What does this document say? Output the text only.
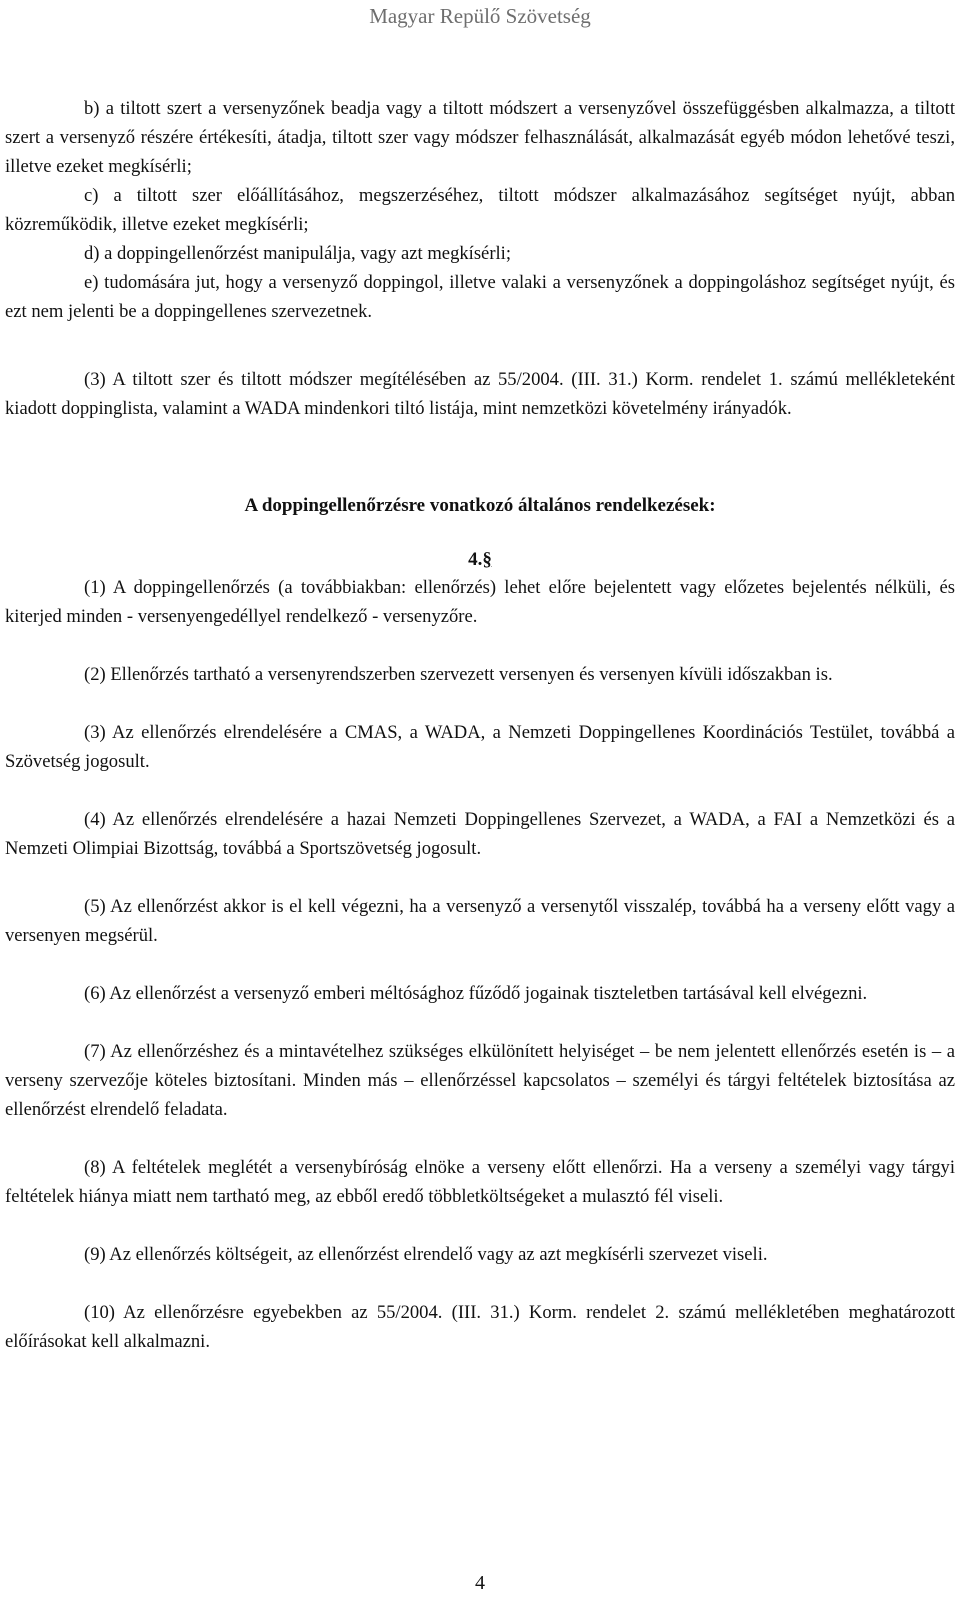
Magyar Repülő Szövetség

b) a tiltott szert a versenyzőnek beadja vagy a tiltott módszert a versenyzővel összefüggésben alkalmazza, a tiltott szert a versenyző részére értékesíti, átadja, tiltott szer vagy módszer felhasználását, alkalmazását egyéb módon lehetővé teszi, illetve ezeket megkísérli;

c) a tiltott szer előállításához, megszerzéséhez, tiltott módszer alkalmazásához segítséget nyújt, abban közreműködik, illetve ezeket megkísérli;

d) a doppingellenőrzést manipulálja, vagy azt megkísérli;

e) tudomására jut, hogy a versenyző doppingol, illetve valaki a versenyzőnek a doppingoláshoz segítséget nyújt, és ezt nem jelenti be a doppingellenes szervezetnek.

(3) A tiltott szer és tiltott módszer megítélésében az 55/2004. (III. 31.) Korm. rendelet 1. számú mellékleteként kiadott doppinglista, valamint a WADA mindenkori tiltó listája, mint nemzetközi követelmény irányadók.

A doppingellenőrzésre vonatkozó általános rendelkezések:
4.§

(1) A doppingellenőrzés (a továbbiakban: ellenőrzés) lehet előre bejelentett vagy előzetes bejelentés nélküli, és kiterjed minden - versenyengedéllyel rendelkező - versenyzőre.

(2) Ellenőrzés tartható a versenyrendszerben szervezett versenyen és versenyen kívüli időszakban is.

(3) Az ellenőrzés elrendelésére a CMAS, a WADA, a Nemzeti Doppingellenes Koordinációs Testület, továbbá a Szövetség jogosult.

(4) Az ellenőrzés elrendelésére a hazai Nemzeti Doppingellenes Szervezet, a WADA, a FAI a Nemzetközi és a Nemzeti Olimpiai Bizottság, továbbá a Sportszövetség jogosult.

(5) Az ellenőrzést akkor is el kell végezni, ha a versenyző a versenytől visszalép, továbbá ha a verseny előtt vagy a versenyen megsérül.

(6) Az ellenőrzést a versenyző emberi méltósághoz fűződő jogainak tiszteletben tartásával kell elvégezni.

(7) Az ellenőrzéshez és a mintavételhez szükséges elkülönített helyiséget – be nem jelentett ellenőrzés esetén is – a verseny szervezője köteles biztosítani. Minden más – ellenőrzéssel kapcsolatos – személyi és tárgyi feltételek biztosítása az ellenőrzést elrendelő feladata.

(8) A feltételek meglétét a versenybíróság elnöke a verseny előtt ellenőrzi. Ha a verseny a személyi vagy tárgyi feltételek hiánya miatt nem tartható meg, az ebből eredő többletköltségeket a mulasztó fél viseli.

(9) Az ellenőrzés költségeit, az ellenőrzést elrendelő vagy az azt megkísérli szervezet viseli.

(10) Az ellenőrzésre egyebekben az 55/2004. (III. 31.) Korm. rendelet 2. számú mellékletében meghatározott előírásokat kell alkalmazni.

4
